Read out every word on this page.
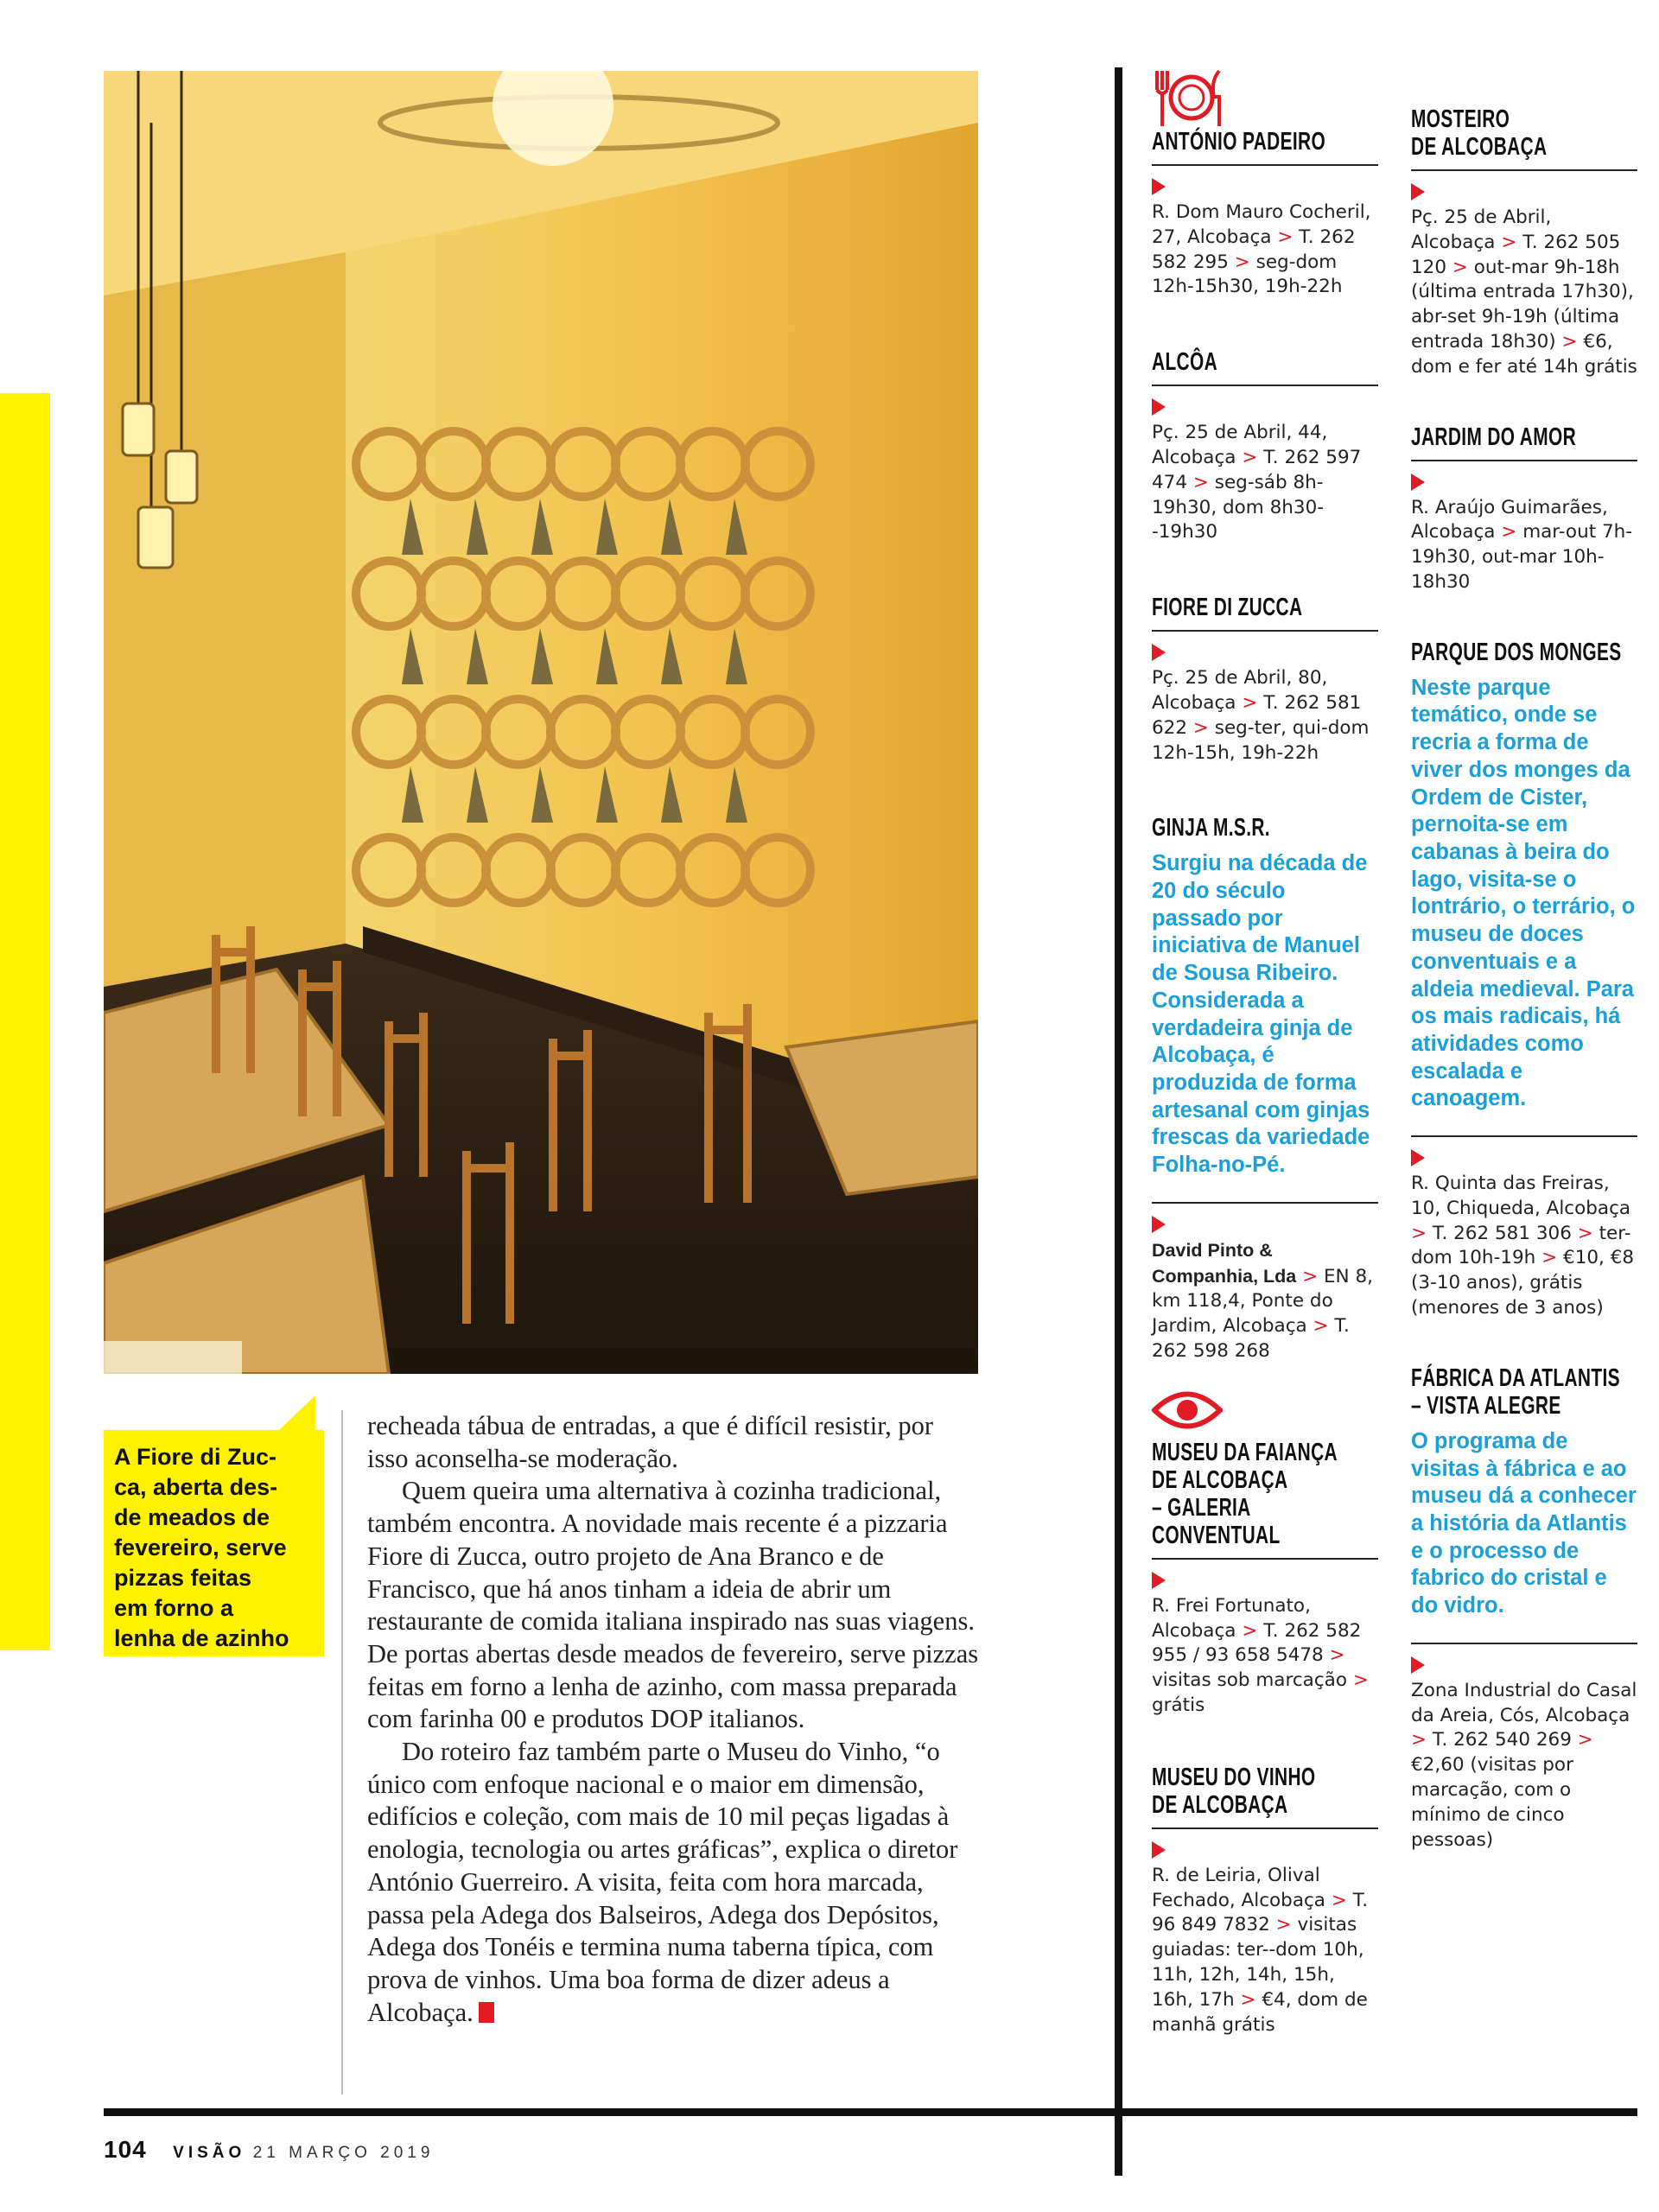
A Fiore di Zuc-
ca, aberta des-
de meados de
fevereiro, serve
pizzas feitas
em forno a
lenha de azinho

recheada tábua de entradas, a que é difícil resistir, por isso aconselha-se moderação.

Quem queira uma alternativa à cozinha tradicional, também encontra. A novidade mais recente é a pizzaria Fiore di Zucca, outro projeto de Ana Branco e de Francisco, que há anos tinham a ideia de abrir um restaurante de comida italiana inspirado nas suas viagens. De portas abertas desde meados de fevereiro, serve pizzas feitas em forno a lenha de azinho, com massa preparada com farinha 00 e produtos DOP italianos.

Do roteiro faz também parte o Museu do Vinho, “o único com enfoque nacional e o maior em dimensão, edifícios e coleção, com mais de 10 mil peças ligadas à enologia, tecnologia ou artes gráficas”, explica o diretor António Guerreiro. A visita, feita com hora marcada, passa pela Adega dos Balseiros, Adega dos Depósitos, Adega dos Tonéis e termina numa taberna típica, com prova de vinhos. Uma boa forma de dizer adeus a Alcobaça.

ANTÓNIO PADEIRO
R. Dom Mauro Cocheril, 27, Alcobaça > T. 262 582 295 > seg-dom 12h-15h30, 19h-22h
ALCÔA
Pç. 25 de Abril, 44, Alcobaça > T. 262 597 474 > seg-sáb 8h-19h30, dom 8h30--19h30
FIORE DI ZUCCA
Pç. 25 de Abril, 80, Alcobaça > T. 262 581 622 > seg-ter, qui-dom 12h-15h, 19h-22h
GINJA M.S.R.
Surgiu na década de 20 do século passado por iniciativa de Manuel de Sousa Ribeiro. Considerada a verdadeira ginja de Alcobaça, é produzida de forma artesanal com ginjas frescas da variedade Folha-no-Pé.
David Pinto & Companhia, Lda > EN 8, km 118,4, Ponte do Jardim, Alcobaça > T. 262 598 268
MUSEU DA FAIANÇA
DE ALCOBAÇA
– GALERIA CONVENTUAL
R. Frei Fortunato, Alcobaça > T. 262 582 955 / 93 658 5478 > visitas sob marcação > grátis
MUSEU DO VINHO
DE ALCOBAÇA
R. de Leiria, Olival Fechado, Alcobaça > T. 96 849 7832 > visitas guiadas: ter--dom 10h, 11h, 12h, 14h, 15h, 16h, 17h > €4, dom de manhã grátis
MOSTEIRO
DE ALCOBAÇA
Pç. 25 de Abril, Alcobaça > T. 262 505 120 > out-mar 9h-18h (última entrada 17h30), abr-set 9h-19h (última entrada 18h30) > €6, dom e fer até 14h grátis
JARDIM DO AMOR
R. Araújo Guimarães, Alcobaça > mar-out 7h-19h30, out-mar 10h-18h30
PARQUE DOS MONGES
Neste parque temático, onde se recria a forma de viver dos monges da Ordem de Cister, pernoita-se em cabanas à beira do lago, visita-se o lontrário, o terrário, o museu de doces conventuais e a aldeia medieval. Para os mais radicais, há atividades como escalada e canoagem.
R. Quinta das Freiras, 10, Chiqueda, Alcobaça > T. 262 581 306 > ter-dom 10h-19h > €10, €8 (3-10 anos), grátis (menores de 3 anos)
FÁBRICA DA ATLANTIS
– VISTA ALEGRE
O programa de visitas à fábrica e ao museu dá a conhecer a história da Atlantis e o processo de fabrico do cristal e do vidro.
Zona Industrial do Casal da Areia, Cós, Alcobaça > T. 262 540 269 > €2,60 (visitas por marcação, com o mínimo de cinco pessoas)
104 VISÃO 21 MARÇO 2019
